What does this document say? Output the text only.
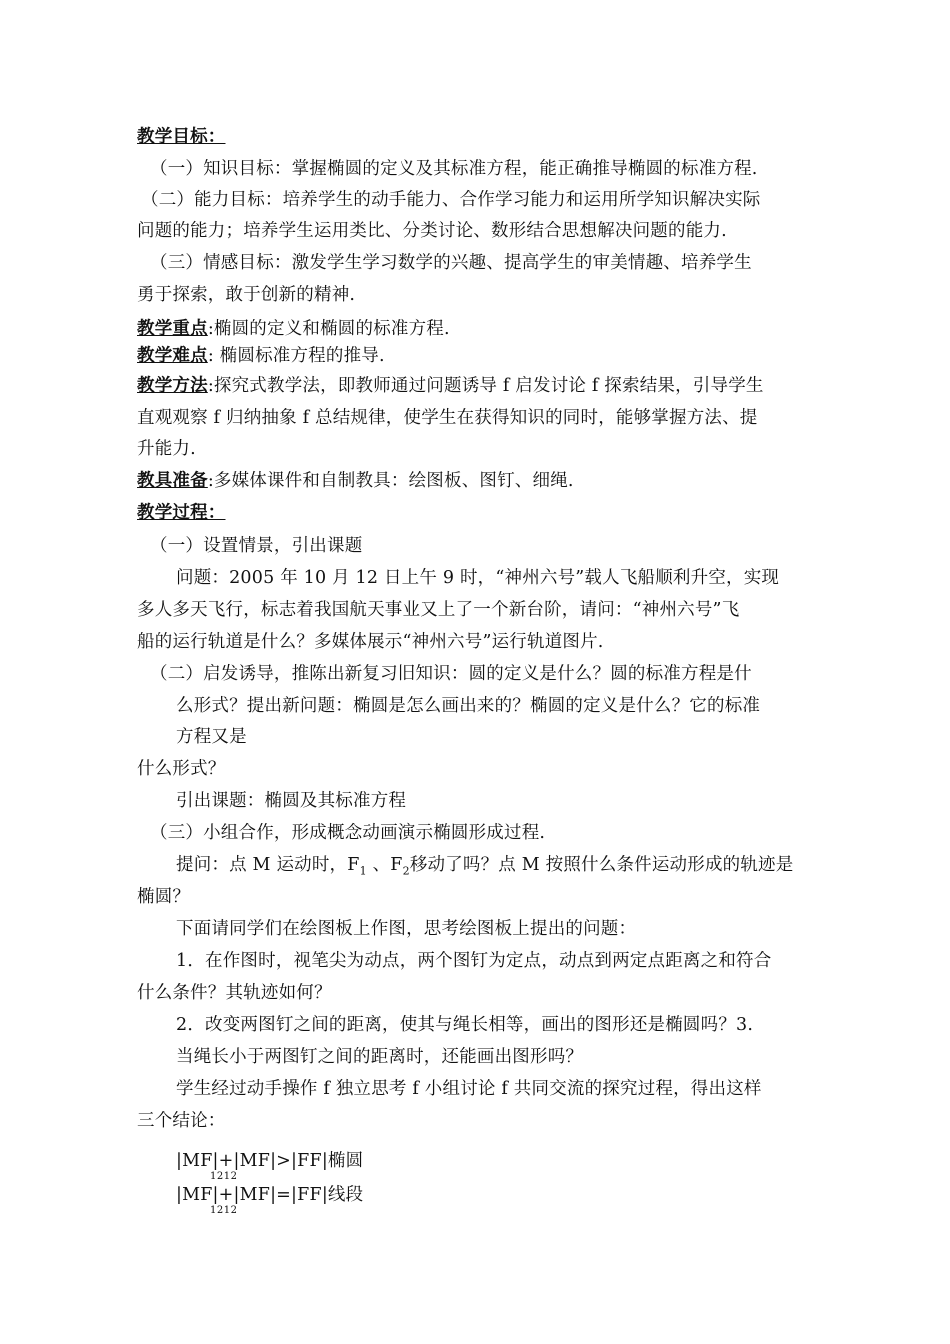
教学目标：
（一）知识目标：掌握椭圆的定义及其标准方程，能正确推导椭圆的标准方程.
（二）能力目标：培养学生的动手能力、合作学习能力和运用所学知识解决实际
问题的能力；培养学生运用类比、分类讨论、数形结合思想解决问题的能力.
（三）情感目标：激发学生学习数学的兴趣、提高学生的审美情趣、培养学生
勇于探索，敢于创新的精神.
教学重点:椭圆的定义和椭圆的标准方程.
教学难点: 椭圆标准方程的推导.
教学方法:探究式教学法，即教师通过问题诱导 f 启发讨论 f 探索结果，引导学生
直观观察 f 归纳抽象 f 总结规律，使学生在获得知识的同时，能够掌握方法、提
升能力.
教具准备:多媒体课件和自制教具：绘图板、图钉、细绳.
教学过程：
（一）设置情景，引出课题
问题：2005 年 10 月 12 日上午 9 时，“神州六号”载人飞船顺利升空，实现
多人多天飞行，标志着我国航天事业又上了一个新台阶，请问：“神州六号”飞
船的运行轨道是什么？多媒体展示“神州六号”运行轨道图片.
（二）启发诱导，推陈出新复习旧知识：圆的定义是什么？圆的标准方程是什
么形式？提出新问题：椭圆是怎么画出来的？椭圆的定义是什么？它的标准
方程又是
什么形式？
引出课题：椭圆及其标准方程
（三）小组合作，形成概念动画演示椭圆形成过程.
提问：点 M 运动时，$F_1$ 、$F_2$移动了吗？点 M 按照什么条件运动形成的轨迹是
椭圆？
下面请同学们在绘图板上作图，思考绘图板上提出的问题：
1．在作图时，视笔尖为动点，两个图钉为定点，动点到两定点距离之和符合
什么条件？其轨迹如何？
2．改变两图钉之间的距离，使其与绳长相等，画出的图形还是椭圆吗？3.
当绳长小于两图钉之间的距离时，还能画出图形吗？
学生经过动手操作 f 独立思考 f 小组讨论 f 共同交流的探究过程，得出这样
三个结论：
|MF|+|MF|>|FF|椭圆
1212
|MF|+|MF|=|FF|线段
1212
